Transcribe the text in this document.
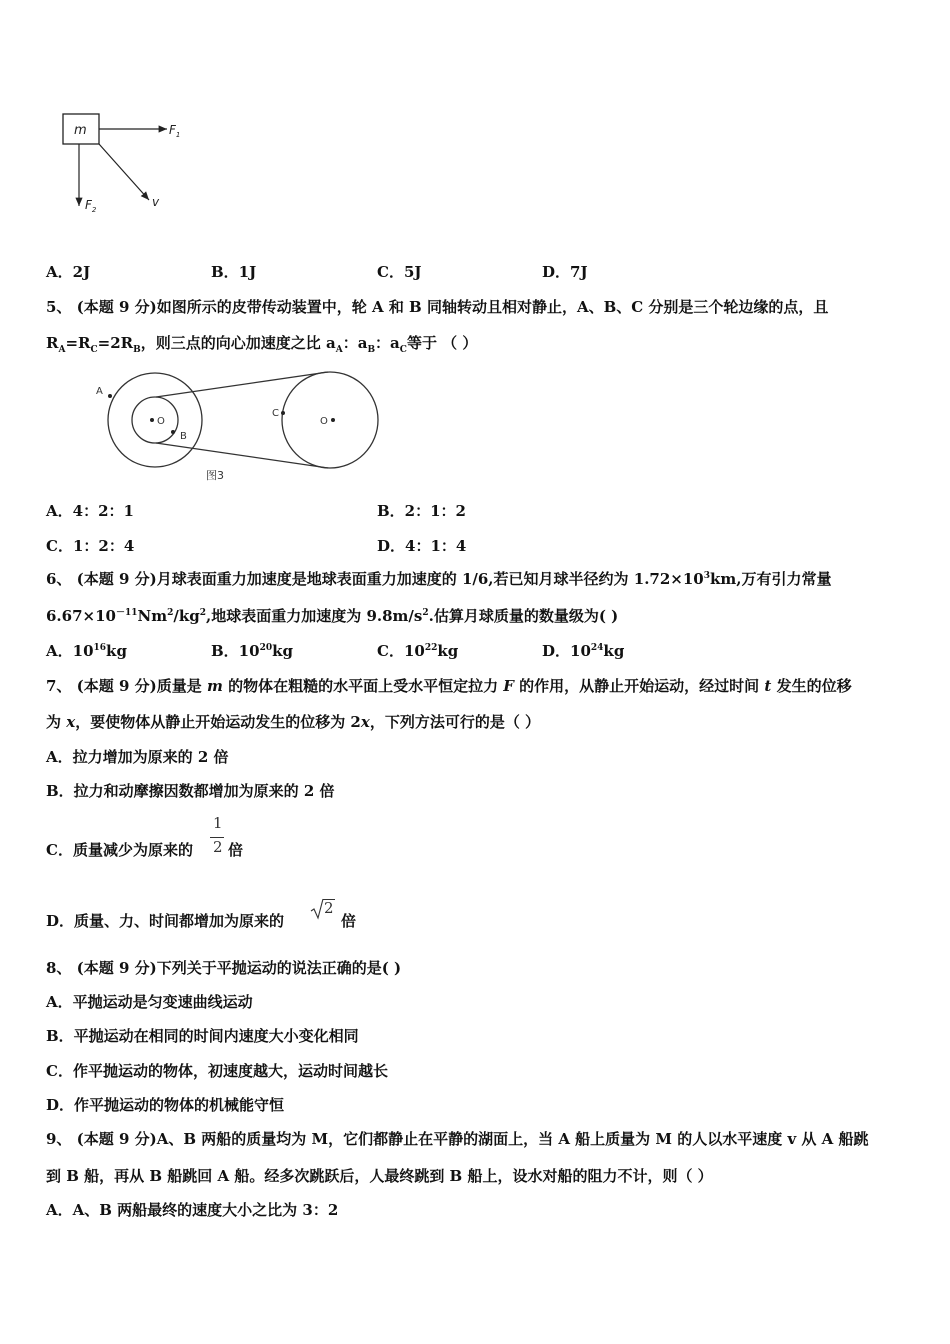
m	$F_1$
$F_2$
v
A．2J	B．1J	C．5J	D．7J
5、 (本题 9 分)如图所示的皮带传动装置中，轮 A 和 B 同轴转动且相对静止，A、B、C 分别是三个轮边缘的点，且
$R_A=R_C=2R_B$，则三点的向心加速度之比 $a_A$：$a_B$：$a_C$等于 （ ）
A
B
C
O	O
图3
A．4：2：1	B．2：1：2
C．1：2：4	D．4：1：4
6、 (本题 9 分)月球表面重力加速度是地球表面重力加速度的 1/6,若已知月球半径约为 $1.72\times 10^3km$,万有引力常量
$6.67\times 10^{-11}Nm^2/kg^2$,地球表面重力加速度为 $9.8m/s^2$.估算月球质量的数量级为( )
A．$10^{16}kg$	B．$10^{20}kg$	C．$10^{22}kg$	D．$10^{24}kg$
7、 (本题 9 分)质量是 m 的物体在粗糙的水平面上受水平恒定拉力 F 的作用，从静止开始运动，经过时间 t 发生的位移
为 x，要使物体从静止开始运动发生的位移为 2x，下列方法可行的是（ ）
A．拉力增加为原来的 2 倍
B．拉力和动摩擦因数都增加为原来的 2 倍
C．质量减少为原来的
1
2 倍
D．质量、力、时间都增加为原来的
2
倍
8、 (本题 9 分)下列关于平抛运动的说法正确的是( )
A．平抛运动是匀变速曲线运动
B．平抛运动在相同的时间内速度大小变化相同
C．作平抛运动的物体，初速度越大，运动时间越长
D．作平抛运动的物体的机械能守恒
9、 (本题 9 分)A、B 两船的质量均为 M，它们都静止在平静的湖面上，当 A 船上质量为 M 的人以水平速度 v 从 A 船跳
到 B 船，再从 B 船跳回 A 船。经多次跳跃后，人最终跳到 B 船上，设水对船的阻力不计，则（ ）
A．A、B 两船最终的速度大小之比为 3：2
